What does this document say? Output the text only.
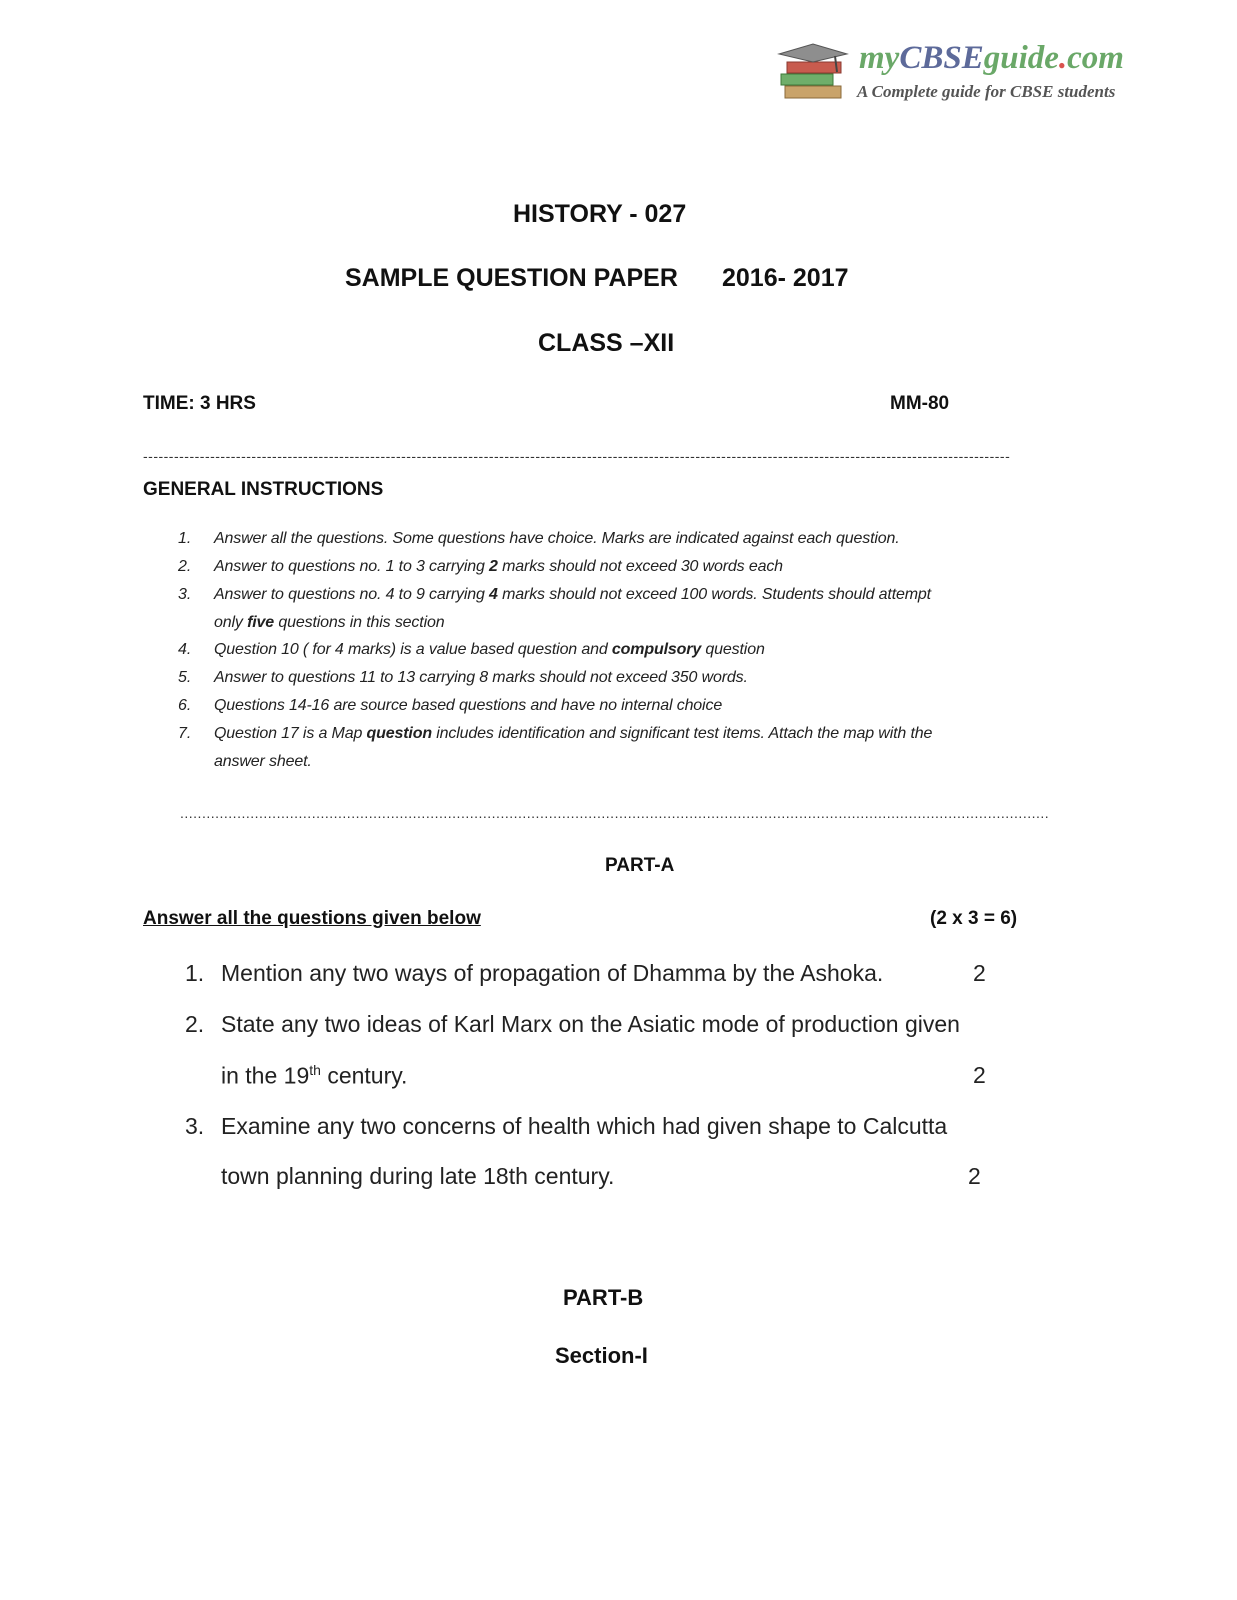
myCBSEguide.com
A Complete guide for CBSE students
HISTORY - 027
SAMPLE QUESTION PAPER 2016- 2017
CLASS –XII
TIME: 3 HRS	MM-80
------------------------------------------------------------------------------------------------------------------------------------------------------------------------
GENERAL INSTRUCTIONS
1. Answer all the questions. Some questions have choice. Marks are indicated against each question.
2. Answer to questions no. 1 to 3 carrying 2 marks should not exceed 30 words each
3. Answer to questions no. 4 to 9 carrying 4 marks should not exceed 100 words. Students should attempt
only five questions in this section
4. Question 10 ( for 4 marks) is a value based question and compulsory question
5. Answer to questions 11 to 13 carrying 8 marks should not exceed 350 words.
6. Questions 14-16 are source based questions and have no internal choice
7. Question 17 is a Map question includes identification and significant test items. Attach the map with the
answer sheet.
......................................................................................................................................................................................................
PART-A
Answer all the questions given below	(2 x 3 = 6)
1. Mention any two ways of propagation of Dhamma by the Ashoka.	2
2. State any two ideas of Karl Marx on the Asiatic mode of production given
in the 19th century.	2
3. Examine any two concerns of health which had given shape to Calcutta
town planning during late 18th century.	2
PART-B
Section-I
